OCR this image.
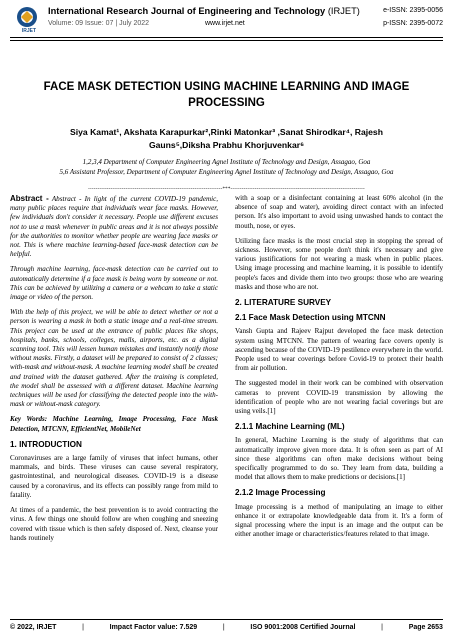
IRJET
International Research Journal of Engineering and Technology (IRJET)	e-ISSN: 2395-0056
Volume: 09 Issue: 07 | July 2022	www.irjet.net	p-ISSN: 2395-0072
FACE MASK DETECTION USING MACHINE LEARNING AND IMAGE PROCESSING
Siya Kamat¹, Akshata Karapurkar²,Rinki Matonkar³ ,Sanat Shirodkar⁴, Rajesh Gauns⁵,Diksha Prabhu Khorjuvenkar⁶
1,2,3,4 Department of Computer Engineering Agnel Institute of Technology and Design, Assagao, Goa
5,6 Assistant Professor, Department of Computer Engineering Agnel Institute of Technology and Design, Assagao, Goa
------------------------------------------------------------------------***------------------------------------------------------------------------

Abstract - Abstract - In light of the current COVID-19 pandemic, many public places require that individuals wear face masks. However, few individuals don't consider it necessary. People use different excuses not to use a mask whenever in public areas and it is not always possible for the authorities to monitor whether people are wearing face masks or not. This is where machine learning-based face-mask detection can be helpful.

Through machine learning, face-mask detection can be carried out to automatically determine if a face mask is being worn by someone or not. This can be achieved by utilizing a camera or a webcam to take a static image or video of the person.

With the help of this project, we will be able to detect whether or not a person is wearing a mask in both a static image and a real-time stream. This project can be used at the entrance of public places like shops, hospitals, banks, schools, colleges, malls, airports, etc. as a digital scanning tool. This will lessen human mistakes and instantly notify those without masks. Firstly, a dataset will be prepared to consist of 2 classes; with-mask and without-mask. A machine learning model shall be created and trained with the dataset gathered. After the training is completed, the model shall be assessed with a different dataset. Machine learning techniques will be used for classifying the detected people into the with-mask or without-mask category.

Key Words: Machine Learning, Image Processing, Face Mask Detection, MTCNN, EfficientNet, MobileNet

1. INTRODUCTION

Coronaviruses are a large family of viruses that infect humans, other mammals, and birds. These viruses can cause several respiratory, gastrointestinal, and neurological diseases. COVID-19 is a disease caused by a coronavirus, and its effects can possibly range from mild to fatality.

At times of a pandemic, the best prevention is to avoid contracting the virus. A few things one should follow are when coughing and sneezing covered with tissue which is then safely disposed of. Next, cleanse your hands routinely

with a soap or a disinfectant containing at least 60% alcohol (in the absence of soap and water), avoiding direct contact with an infected person. It's also important to avoid using unwashed hands to contact the mouth, nose, or eyes.

Utilizing face masks is the most crucial step in stopping the spread of sickness. However, some people don't think it's necessary and give various justifications for not wearing a mask when in public places. Using image processing and machine learning, it is possible to identify people's faces and divide them into two groups: those who are wearing masks and those who are not.

2. LITERATURE SURVEY
2.1 Face Mask Detection using MTCNN

Vansh Gupta and Rajeev Rajput developed the face mask detection system using MTCNN. The pattern of wearing face covers openly is ascending because of the COVID-19 pestilence everywhere in the world. People used to wear coverings before Covid-19 to protect their health from air pollution.

The suggested model in their work can be combined with observation cameras to prevent COVID-19 transmission by allowing the identification of people who are not wearing facial coverings but are using veils.[1]

2.1.1 Machine Learning (ML)

In general, Machine Learning is the study of algorithms that can automatically improve given more data. It is often seen as part of AI since these algorithms can often make decisions without being specifically programmed to do so. They learn from data, building a model that allows them to make predictions or decisions.[1]

2.1.2 Image Processing

Image processing is a method of manipulating an image to either enhance it or extrapolate knowledgeable data from it. It's a form of signal processing where the input is an image and the output can be either another image or characteristics/features related to that image.

© 2022, IRJET	|	Impact Factor value: 7.529	|	ISO 9001:2008 Certified Journal	|	Page 2653
